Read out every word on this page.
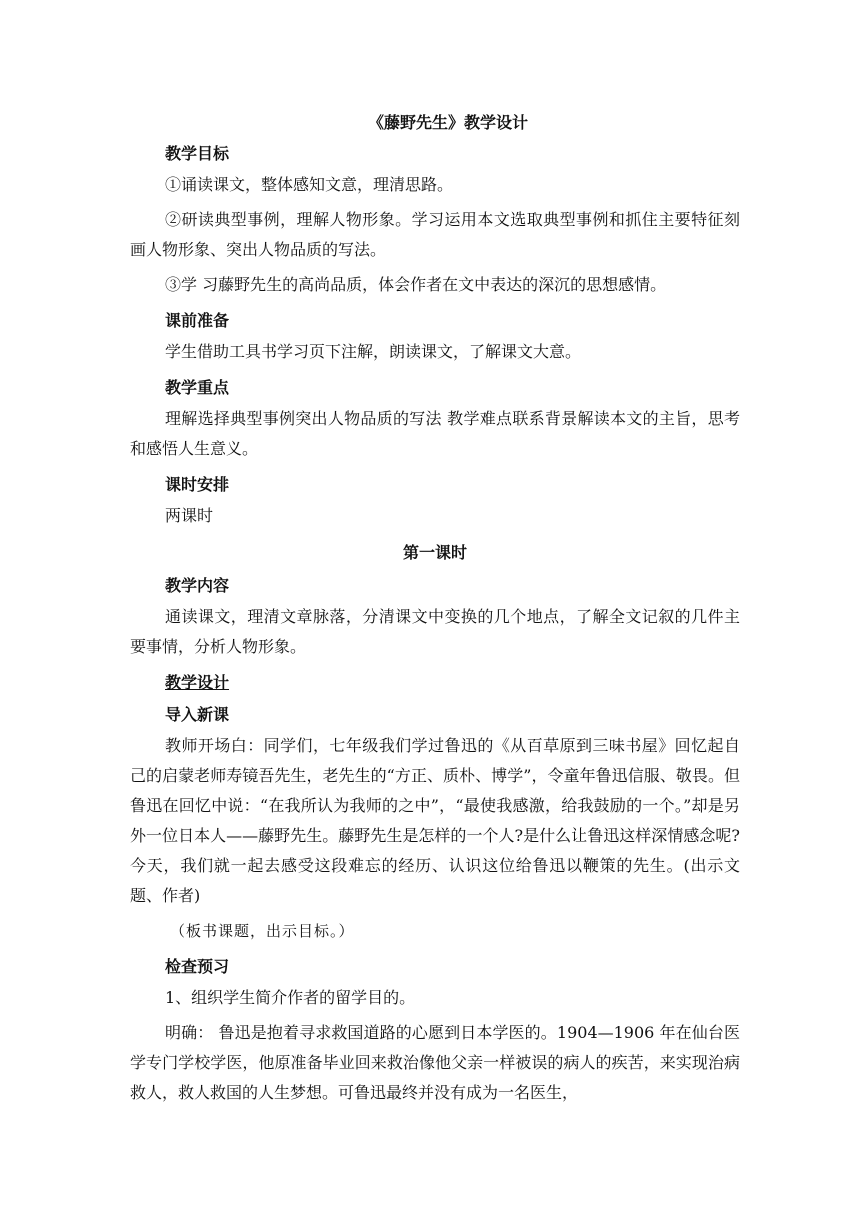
《藤野先生》教学设计
教学目标

①诵读课文，整体感知文意，理清思路。

②研读典型事例，理解人物形象。学习运用本文选取典型事例和抓住主要特征刻画人物形象、突出人物品质的写法。

③学 习藤野先生的高尚品质，体会作者在文中表达的深沉的思想感情。

课前准备

学生借助工具书学习页下注解，朗读课文，了解课文大意。

教学重点

理解选择典型事例突出人物品质的写法 教学难点联系背景解读本文的主旨，思考和感悟人生意义。

课时安排

两课时

第一课时
教学内容

通读课文，理清文章脉落，分清课文中变换的几个地点，了解全文记叙的几件主要事情，分析人物形象。

教学设计
导入新课

教师开场白：同学们，七年级我们学过鲁迅的《从百草原到三味书屋》回忆起自己的启蒙老师寿镜吾先生，老先生的“方正、质朴、博学”，令童年鲁迅信服、敬畏。但鲁迅在回忆中说：“在我所认为我师的之中”，“最使我感激，给我鼓励的一个。”却是另外一位日本人——藤野先生。藤野先生是怎样的一个人?是什么让鲁迅这样深情感念呢?今天，我们就一起去感受这段难忘的经历、认识这位给鲁迅以鞭策的先生。(出示文题、作者)

（板书课题，出示目标。）

检查预习

1、组织学生简介作者的留学目的。

明确： 鲁迅是抱着寻求救国道路的心愿到日本学医的。1904—1906 年在仙台医学专门学校学医，他原准备毕业回来救治像他父亲一样被误的病人的疾苦，来实现治病救人，救人救国的人生梦想。可鲁迅最终并没有成为一名医生，
